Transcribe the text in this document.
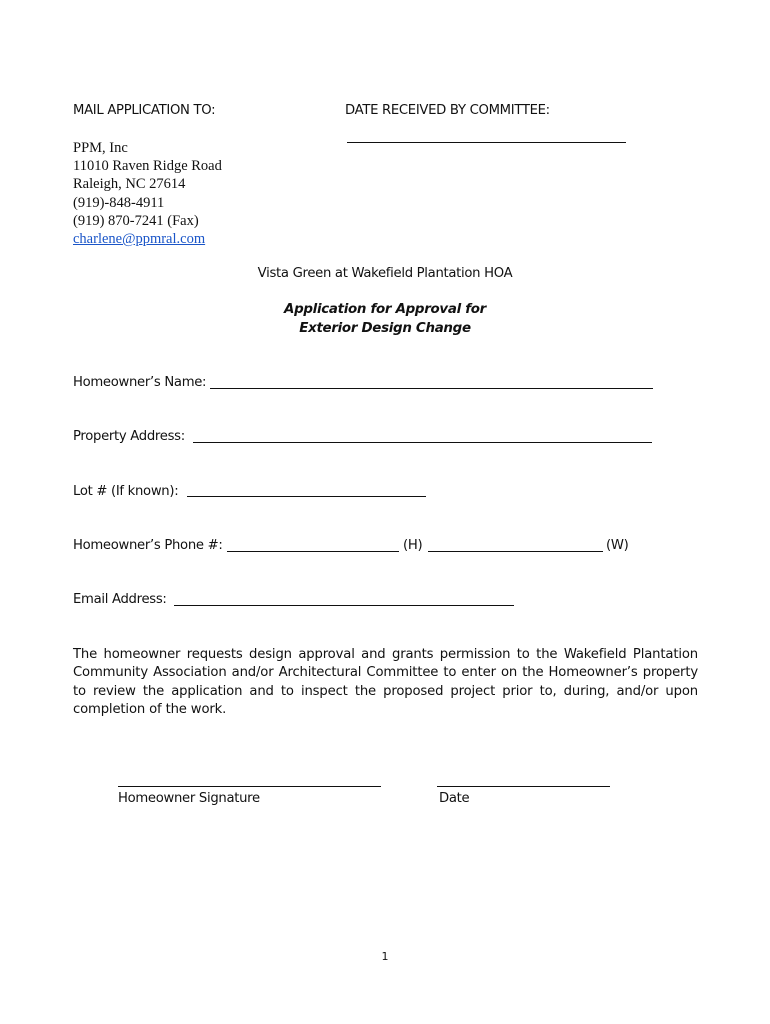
MAIL APPLICATION TO:	DATE RECEIVED BY COMMITTEE:
PPM, Inc
11010 Raven Ridge Road
Raleigh, NC 27614
(919)-848-4911
(919) 870-7241 (Fax)
charlene@ppmral.com
Vista Green at Wakefield Plantation HOA
Application for Approval for
Exterior Design Change
Homeowner’s Name:
Property Address:
Lot # (If known):
Homeowner’s Phone #:	(H)	(W)
Email Address:
The homeowner requests design approval and grants permission to the Wakefield Plantation Community Association and/or Architectural Committee to enter on the Homeowner’s property to review the application and to inspect the proposed project prior to, during, and/or upon completion of the work.
Homeowner Signature	Date
1
